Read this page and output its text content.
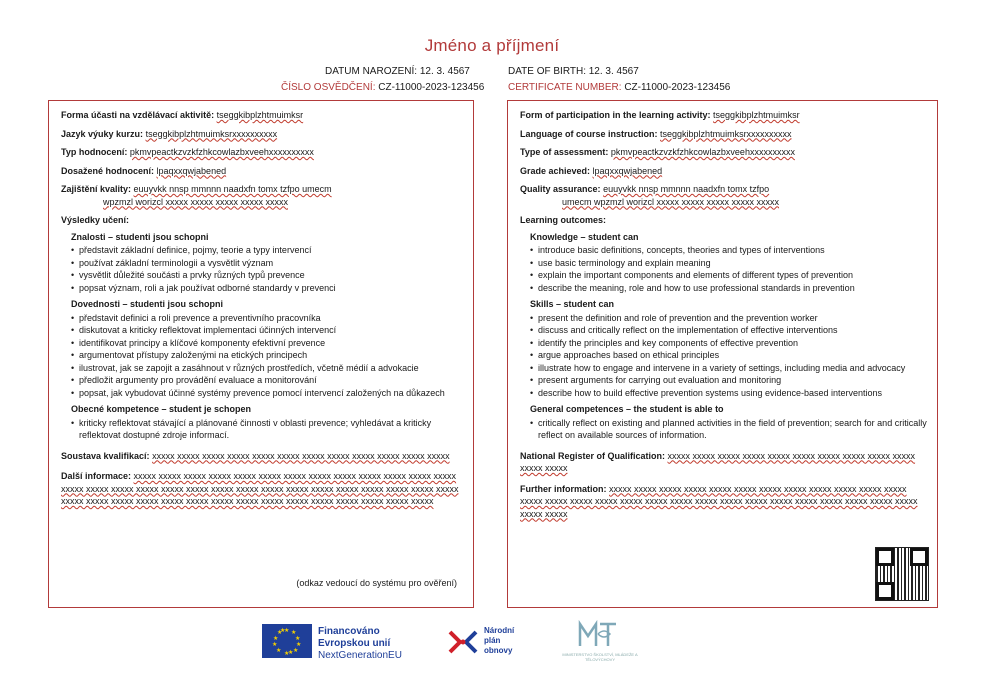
Jméno a příjmení
DATUM NAROZENÍ: 12. 3. 4567
ČÍSLO OSVĚDČENÍ: CZ-11000-2023-123456
DATE OF BIRTH: 12. 3. 4567
CERTIFICATE NUMBER: CZ-11000-2023-123456
Forma účasti na vzdělávací aktivitě: tseggkibplzhtmuimksr
Jazyk výuky kurzu: tseggkibplzhtmuimksrxxxxxxxxxx
Typ hodnocení: pkmvpeactkzvzkfzhkcowlazbxveehxxxxxxxxxx
Dosažené hodnocení: lpaqxxqwjabened
Zajištění kvality: euuyvkk nnsp mmnnn naadxfn tomx tzfpo umecm
wpzmzl worizcl xxxxx xxxxx xxxxx xxxxx xxxxx
Výsledky učení:
Znalosti – studenti jsou schopni
• představit základní definice, pojmy, teorie a typy intervencí
• používat základní terminologii a vysvětlit význam
• vysvětlit důležité součásti a prvky různých typů prevence
• popsat význam, roli a jak používat odborné standardy v prevenci
Dovednosti – studenti jsou schopni
• představit definici a roli prevence a preventivního pracovníka
• diskutovat a kriticky reflektovat implementaci účinných intervencí
• identifikovat principy a klíčové komponenty efektivní prevence
• argumentovat přístupy založenými na etických principech
• ilustrovat, jak se zapojit a zasáhnout v různých prostředích, včetně médií a advokacie
• předložit argumenty pro provádění evaluace a monitorování
• popsat, jak vybudovat účinné systémy prevence pomocí intervencí založených na důkazech
Obecné kompetence – student je schopen
• kriticky reflektovat stávající a plánované činnosti v oblasti prevence; vyhledávat a kriticky reflektovat dostupné zdroje informací.
Soustava kvalifikací: xxxxx xxxxx xxxxx xxxxx xxxxx xxxxx xxxxx xxxxx xxxxx xxxxx xxxxx xxxxx
Další informace: xxxxx xxxxx xxxxx xxxxx xxxxx xxxxx xxxxx xxxxx xxxxx xxxxx xxxxx xxxxx xxxxx xxxxx xxxxx xxxxx xxxxx xxxxx xxxxx xxxxx xxxxx xxxxx xxxxx xxxxx xxxxx xxxxx xxxxx xxxxx xxxxx xxxxx xxxxx xxxxx xxxxx xxxxx xxxxx xxxxx xxxxx xxxxx xxxxx xxxxx xxxxx xxxxx xxxxx xxxxx
(odkaz vedoucí do systému pro ověření)
Form of participation in the learning activity: tseggkibplzhtmuimksr
Language of course instruction: tseggkibplzhtmuimksrxxxxxxxxxx
Type of assessment: pkmvpeactkzvzkfzhkcowlazbxveehxxxxxxxxxx
Grade achieved: lpaqxxqwjabened
Quality assurance: euuyvkk nnsp mmnnn naadxfn tomx tzfpo
umecm wpzmzl worizcl xxxxx xxxxx xxxxx xxxxx xxxxx
Learning outcomes:
Knowledge – student can
• introduce basic definitions, concepts, theories and types of interventions
• use basic terminology and explain meaning
• explain the important components and elements of different types of prevention
• describe the meaning, role and how to use professional standards in prevention
Skills – student can
• present the definition and role of prevention and the prevention worker
• discuss and critically reflect on the implementation of effective interventions
• identify the principles and key components of effective prevention
• argue approaches based on ethical principles
• illustrate how to engage and intervene in a variety of settings, including media and advocacy
• present arguments for carrying out evaluation and monitoring
• describe how to build effective prevention systems using evidence-based interventions
General competences – the student is able to
• critically reflect on existing and planned activities in the field of prevention; search for and critically reflect on available sources of information.
National Register of Qualification: xxxxx xxxxx xxxxx xxxxx xxxxx xxxxx xxxxx xxxxx xxxxx xxxxx xxxxx xxxxx
Further information: xxxxx xxxxx xxxxx xxxxx xxxxx xxxxx xxxxx xxxxx xxxxx xxxxx xxxxx xxxxx xxxxx xxxxx xxxxx xxxxx xxxxx xxxxx xxxxx xxxxx xxxxx xxxxx xxxxx xxxxx xxxxx xxxxx xxxxx xxxxx xxxxx xxxxx
★ ★
★
★
★
★
★
★
★
★
★
★	Financováno
Evropskou unií
NextGenerationEU
Národní
plán
obnovy	MINISTERSTVO ŠKOLSTVÍ, MLÁDEŽE A TĚLOVÝCHOVY
